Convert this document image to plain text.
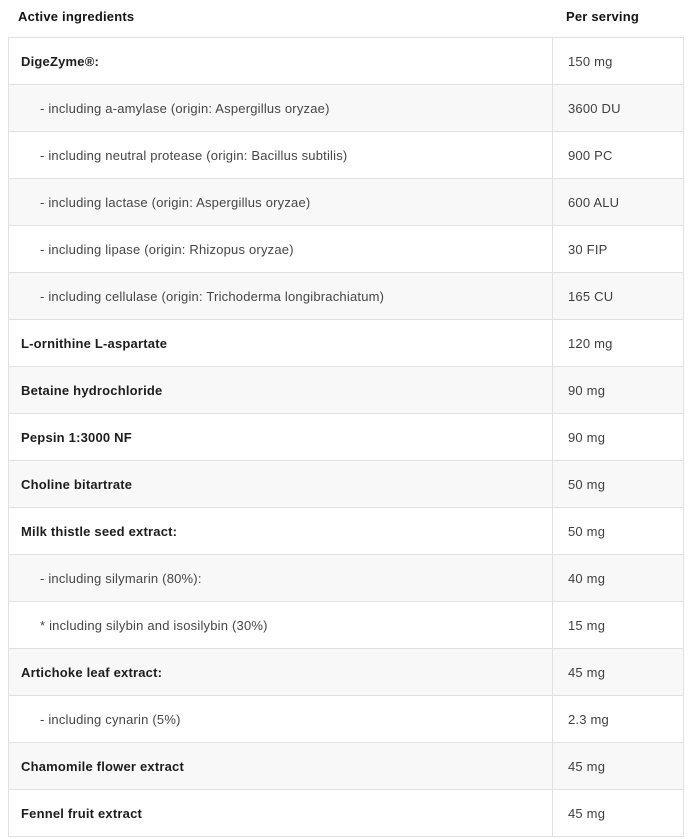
Active ingredients	Per serving
DigeZyme®:	150 mg
- including a-amylase (origin: Aspergillus oryzae)	3600 DU
- including neutral protease (origin: Bacillus subtilis)	900 PC
- including lactase (origin: Aspergillus oryzae)	600 ALU
- including lipase (origin: Rhizopus oryzae)	30 FIP
- including cellulase (origin: Trichoderma longibrachiatum)	165 CU
L-ornithine L-aspartate	120 mg
Betaine hydrochloride	90 mg
Pepsin 1:3000 NF	90 mg
Choline bitartrate	50 mg
Milk thistle seed extract:	50 mg
- including silymarin (80%):	40 mg
* including silybin and isosilybin (30%)	15 mg
Artichoke leaf extract:	45 mg
- including cynarin (5%)	2.3 mg
Chamomile flower extract	45 mg
Fennel fruit extract	45 mg
